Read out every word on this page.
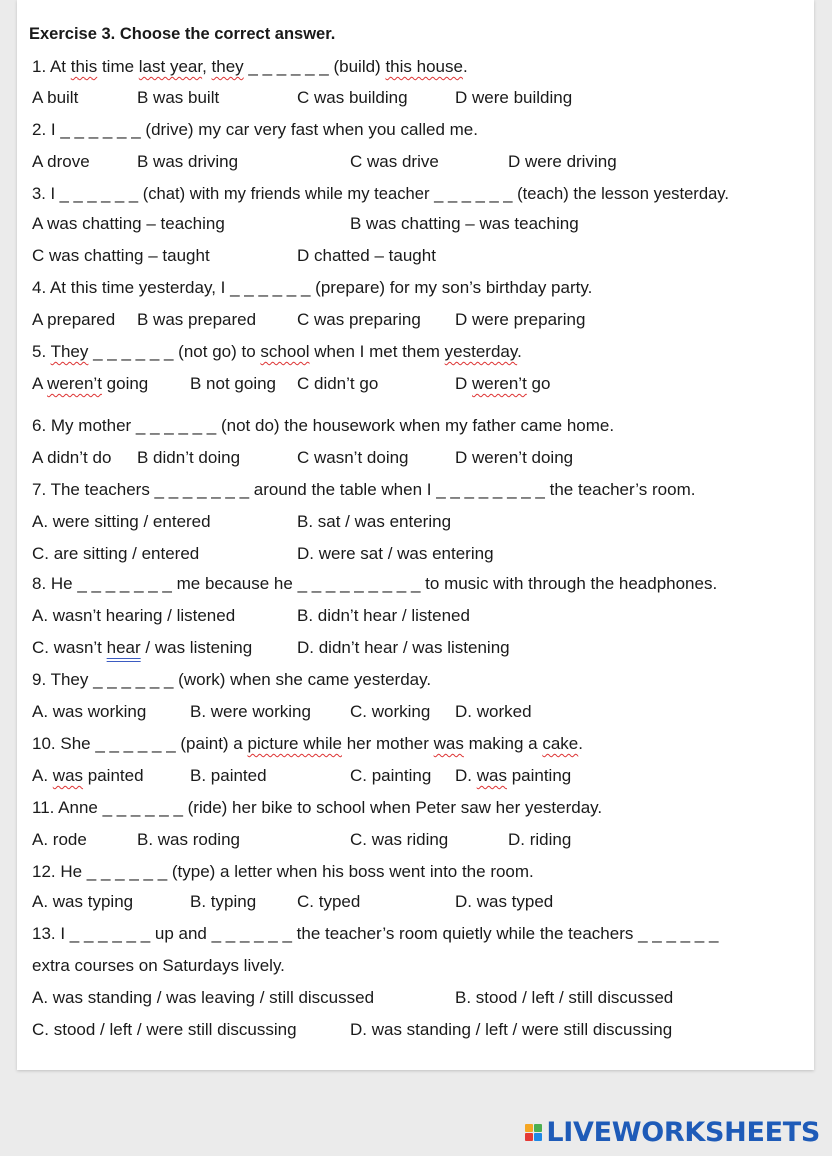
Exercise 3. Choose the correct answer.
1. At this time last year, they _ _ _ _ _ _ (build) this house.
A built	B was built	C was building	D were building
2. I _ _ _ _ _ _ (drive) my car very fast when you called me.
A drove	B was driving	C was drive	D were driving
3. I _ _ _ _ _ _ (chat) with my friends while my teacher _ _ _ _ _ _ (teach) the lesson yesterday.
A was chatting – teaching	B was chatting – was teaching
C was chatting – taught	D chatted – taught
4. At this time yesterday, I _ _ _ _ _ _ (prepare) for my son’s birthday party.
A prepared B was prepared C was preparing D were preparing
5. They _ _ _ _ _ _ (not go) to school when I met them yesterday.
A weren’t going B not going C didn’t go	D weren’t go
6. My mother _ _ _ _ _ _ (not do) the housework when my father came home.
A didn’t do B didn’t doing	C wasn’t doing	D weren’t doing
7. The teachers _ _ _ _ _ _ _ around the table when I _ _ _ _ _ _ _ _ the teacher’s room.
A. were sitting / entered	B. sat / was entering
C. are sitting / entered	D. were sat / was entering
8. He _ _ _ _ _ _ _ me because he _ _ _ _ _ _ _ _ _ to music with through the headphones.
A. wasn’t hearing / listened	B. didn’t hear / listened
C. wasn’t hear / was listening	D. didn’t hear / was listening
9. They _ _ _ _ _ _ (work) when she came yesterday.
A. was working	B. were working C. working D. worked
10. She _ _ _ _ _ _ (paint) a picture while her mother was making a cake.
A. was painted	B. painted	C. painting D. was painting
11. Anne _ _ _ _ _ _ (ride) her bike to school when Peter saw her yesterday.
A. rode	B. was roding	C. was riding	D. riding
12. He _ _ _ _ _ _ (type) a letter when his boss went into the room.
A. was typing	B. typing C. typed	D. was typed
13. I _ _ _ _ _ _ up and _ _ _ _ _ _ the teacher’s room quietly while the teachers _ _ _ _ _ _
extra courses on Saturdays lively.
A. was standing / was leaving / still discussed	B. stood / left / still discussed
C. stood / left / were still discussing	D. was standing / left / were still discussing
LIVEWORKSHEETS
